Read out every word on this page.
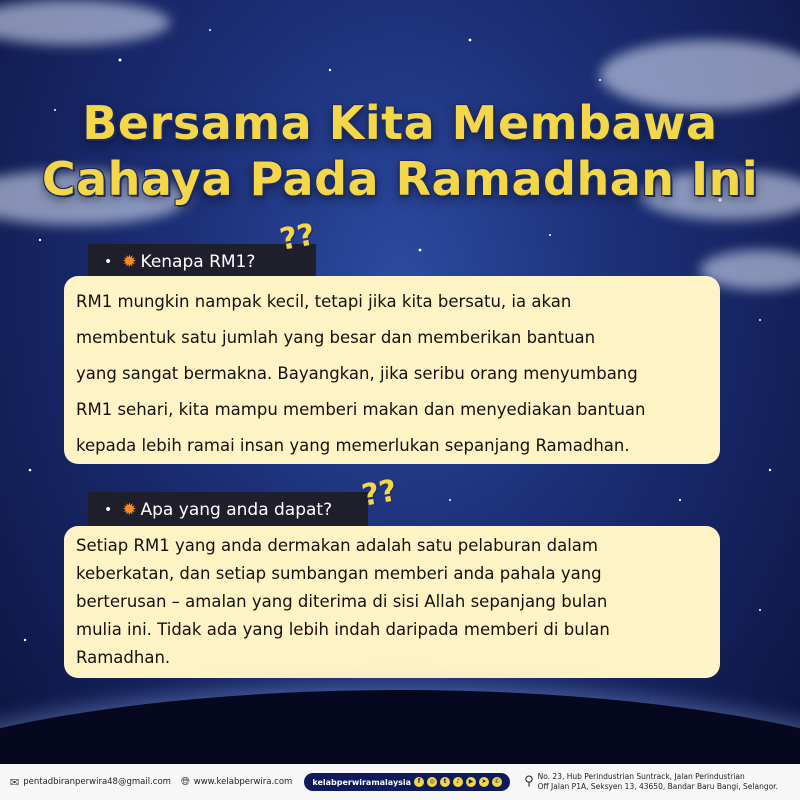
Bersama Kita Membawa
Cahaya Pada Ramadhan Ini
• ✹ Kenapa RM1?
??
RM1 mungkin nampak kecil, tetapi jika kita bersatu, ia akan
membentuk satu jumlah yang besar dan memberikan bantuan
yang sangat bermakna. Bayangkan, jika seribu orang menyumbang
RM1 sehari, kita mampu memberi makan dan menyediakan bantuan
kepada lebih ramai insan yang memerlukan sepanjang Ramadhan.
• ✹ Apa yang anda dapat? ??
Setiap RM1 yang anda dermakan adalah satu pelaburan dalam
keberkatan, dan setiap sumbangan memberi anda pahala yang
berterusan – amalan yang diterima di sisi Allah sepanjang bulan
mulia ini. Tidak ada yang lebih indah daripada memberi di bulan
Ramadhan.
✉ pentadbiranperwira48@gmail.com 🌐︎ www.kelabperwira.com	kelabperwiramalaysia	f	◎	t	♪	▶	➤	✆ ⚲ No. 23, Hub Perindustrian Suntrack, Jalan Perindustrian
Off Jalan P1A, Seksyen 13, 43650, Bandar Baru Bangi, Selangor.
